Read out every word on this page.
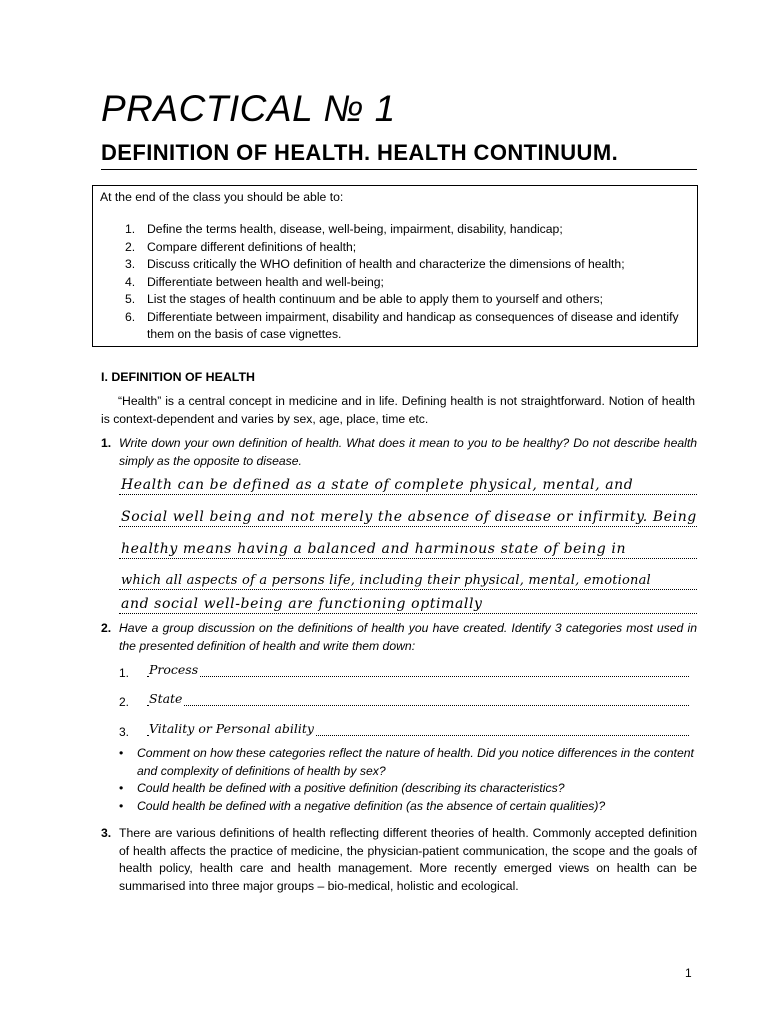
PRACTICAL № 1
DEFINITION OF HEALTH. HEALTH CONTINUUM.
At the end of the class you should be able to:
1. Define the terms health, disease, well-being, impairment, disability, handicap;
2. Compare different definitions of health;
3. Discuss critically the WHO definition of health and characterize the dimensions of health;
4. Differentiate between health and well-being;
5. List the stages of health continuum and be able to apply them to yourself and others;
6. Differentiate between impairment, disability and handicap as consequences of disease and identify them on the basis of case vignettes.
I. DEFINITION OF HEALTH
“Health” is a central concept in medicine and in life. Defining health is not straightforward. Notion of health is context-dependent and varies by sex, age, place, time etc.
1. Write down your own definition of health. What does it mean to you to be healthy? Do not describe health simply as the opposite to disease.
Health can be defined as a state of complete physical, mental, and
Social well being and not merely the absence of disease or infirmity. Being
healthy means having a balanced and harminous state of being in
which all aspects of a persons life, including their physical, mental, emotional
and social well-being are functioning optimally
2. Have a group discussion on the definitions of health you have created. Identify 3 categories most used in the presented definition of health and write them down:
1. Process
2. State
3. Vitality or Personal ability
• Comment on how these categories reflect the nature of health. Did you notice differences in the content and complexity of definitions of health by sex?
• Could health be defined with a positive definition (describing its characteristics?
• Could health be defined with a negative definition (as the absence of certain qualities)?
3. There are various definitions of health reflecting different theories of health. Commonly accepted definition of health affects the practice of medicine, the physician-patient communication, the scope and the goals of health policy, health care and health management. More recently emerged views on health can be summarised into three major groups – bio-medical, holistic and ecological.
1
